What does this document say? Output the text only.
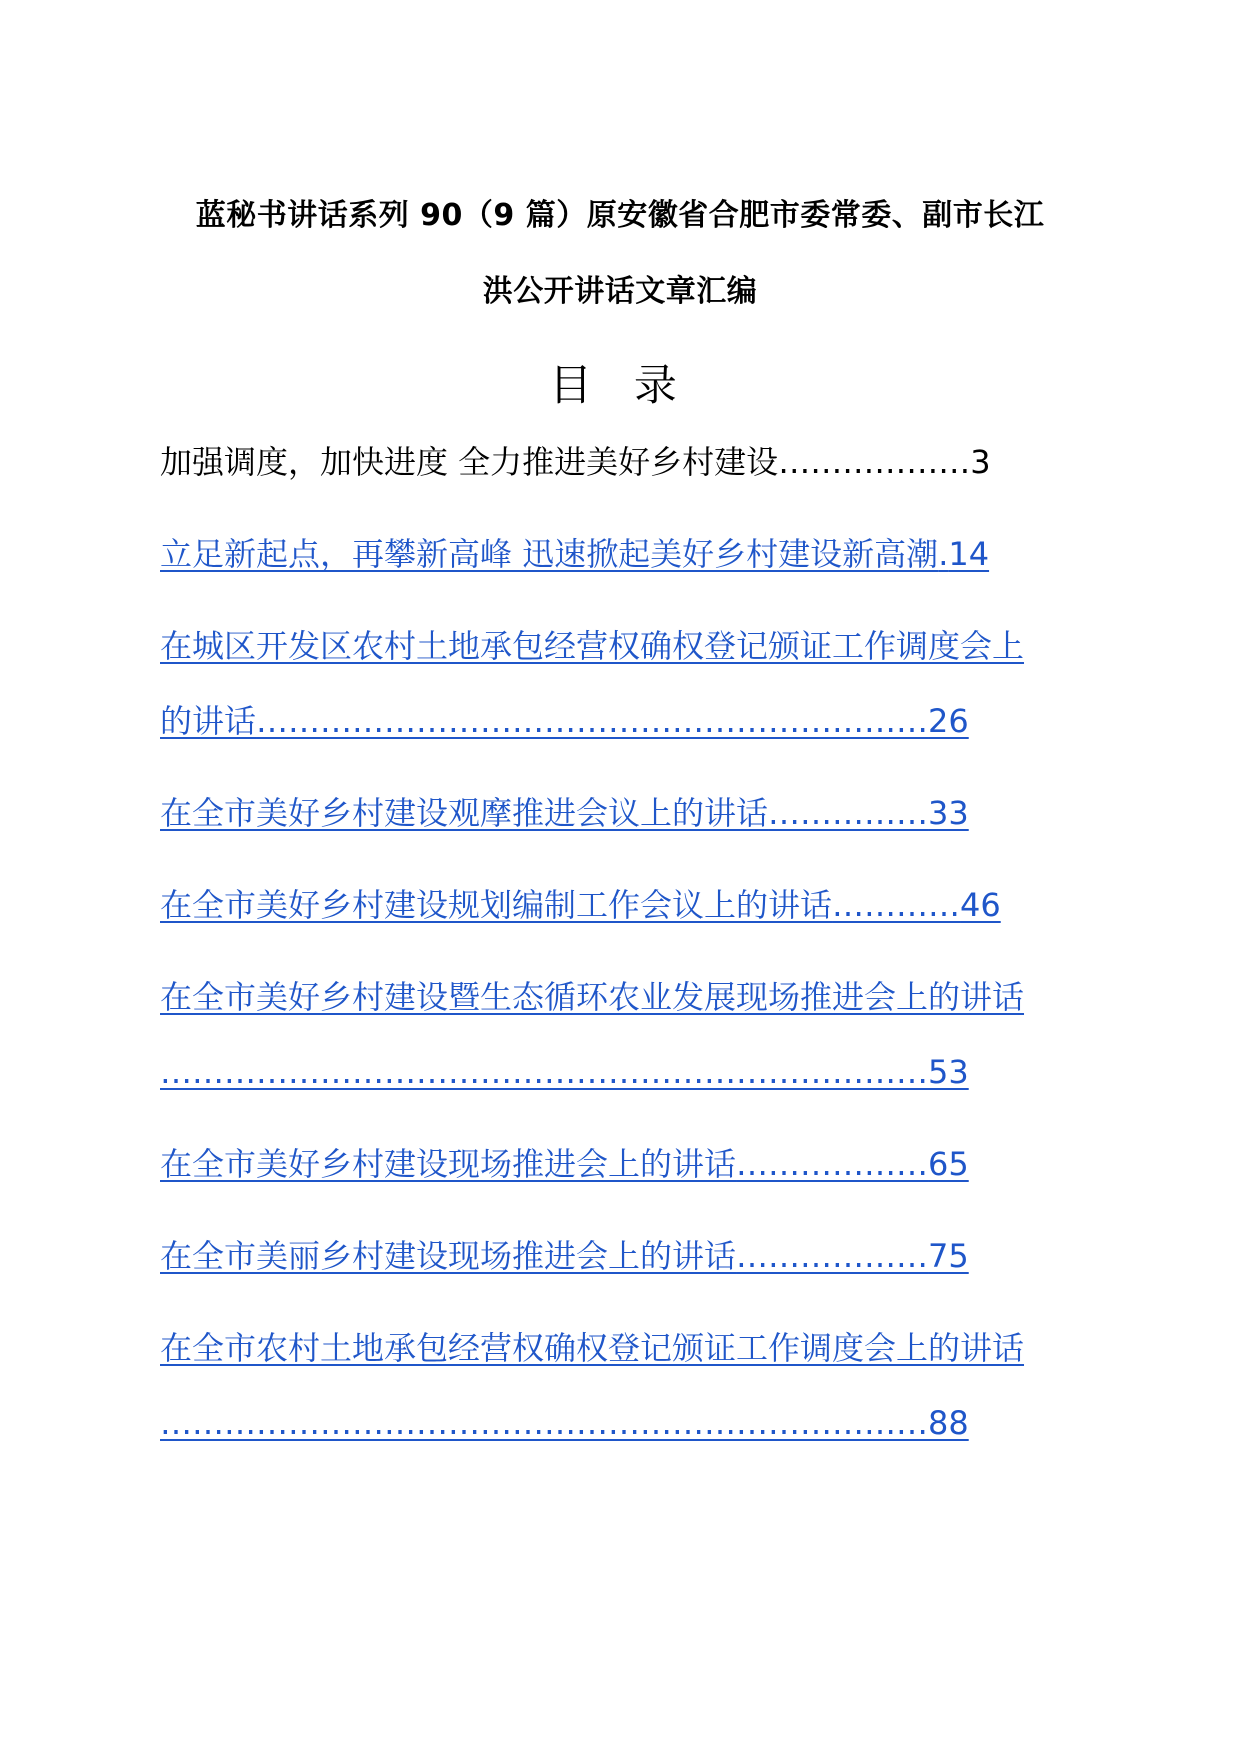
蓝秘书讲话系列 90（9 篇）原安徽省合肥市委常委、副市长江
洪公开讲话文章汇编
目 录
加强调度，加快进度 全力推进美好乡村建设………………3
立足新起点，再攀新高峰 迅速掀起美好乡村建设新高潮.14
在城区开发区农村土地承包经营权确权登记颁证工作调度会上
的讲话………………………………………………………26
在全市美好乡村建设观摩推进会议上的讲话……………33
在全市美好乡村建设规划编制工作会议上的讲话…………46
在全市美好乡村建设暨生态循环农业发展现场推进会上的讲话
………………………………………………………………53
在全市美好乡村建设现场推进会上的讲话………………65
在全市美丽乡村建设现场推进会上的讲话………………75
在全市农村土地承包经营权确权登记颁证工作调度会上的讲话
………………………………………………………………88
